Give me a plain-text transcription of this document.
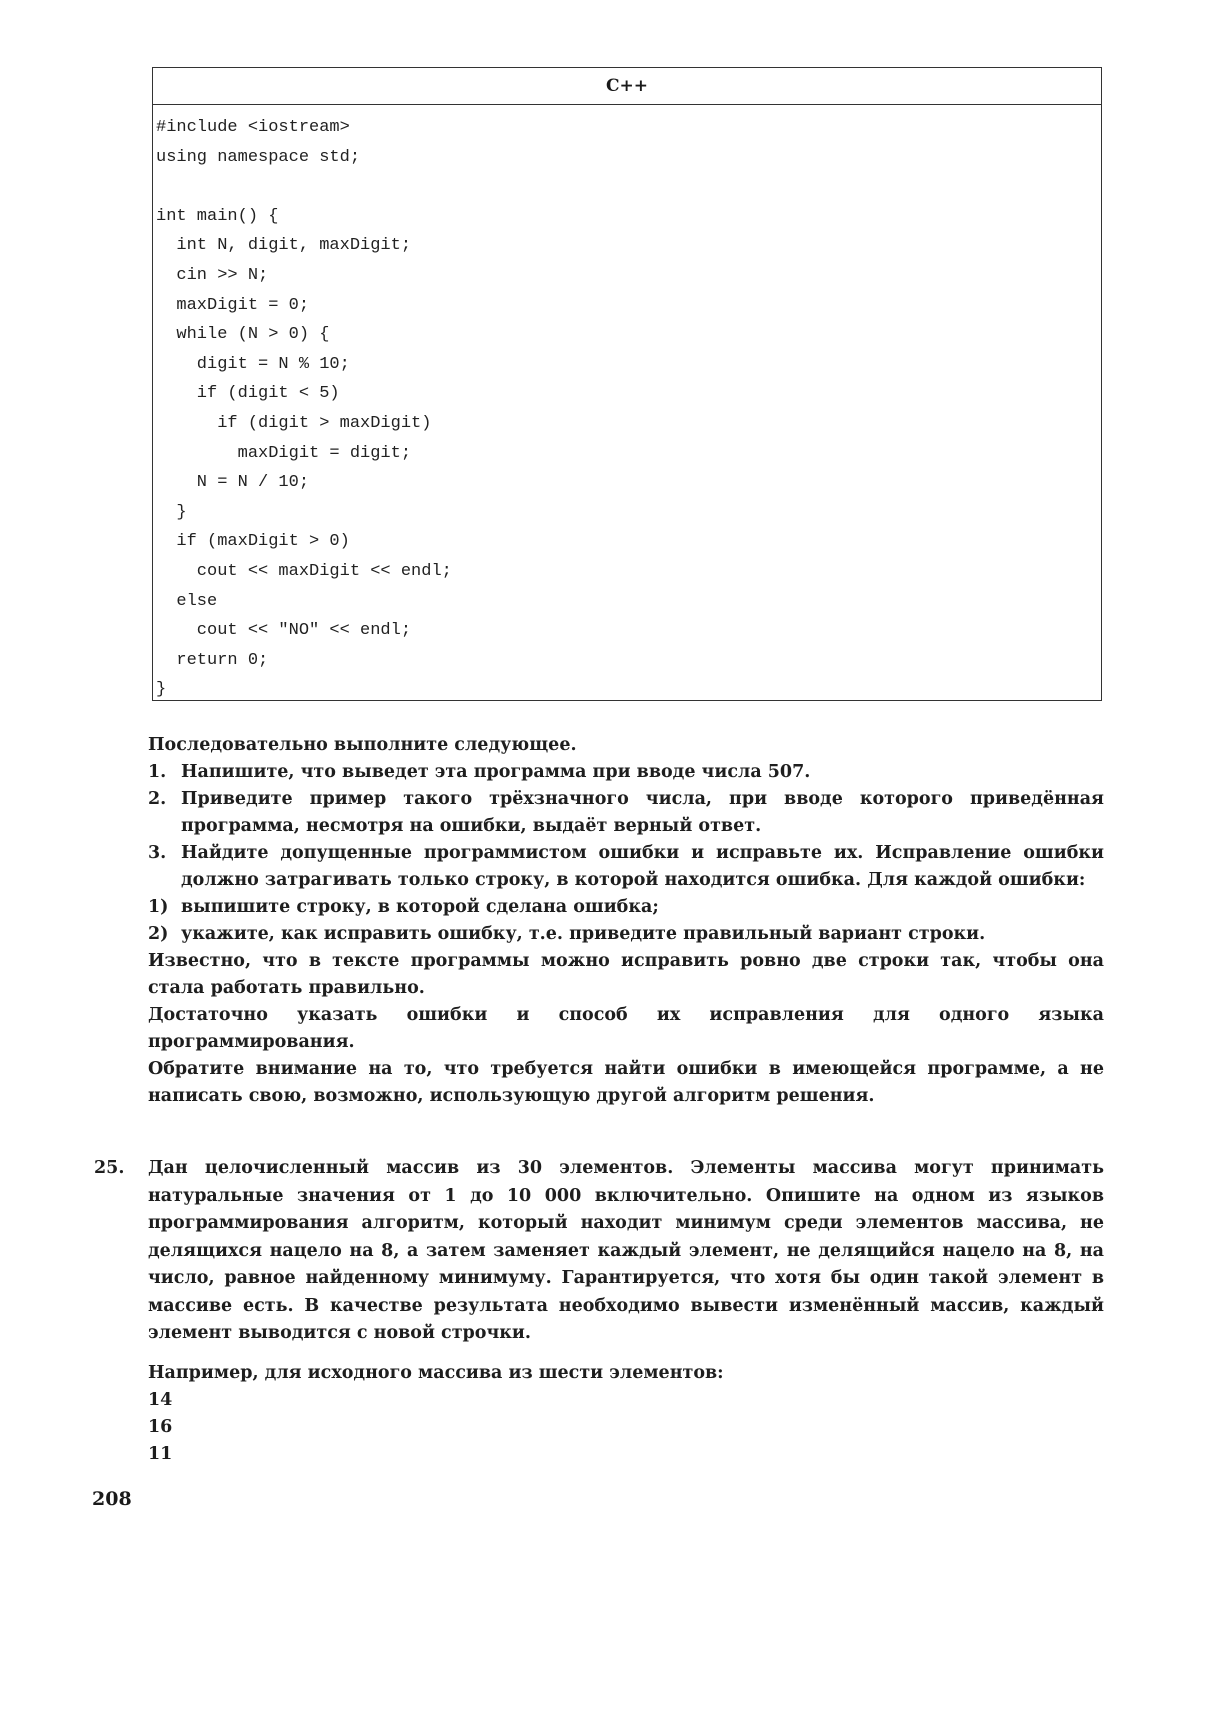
C++
#include <iostream>
using namespace std;

int main() {
int N, digit, maxDigit;
cin >> N;
maxDigit = 0;
while (N > 0) {
digit = N % 10;
if (digit < 5)
if (digit > maxDigit)
maxDigit = digit;
N = N / 10;
}
if (maxDigit > 0)
cout << maxDigit << endl;
else
cout << "NO" << endl;
return 0;
}

Последовательно выполните следующее.

1. Напишите, что выведет эта программа при вводе числа 507.
2. Приведите пример такого трёхзначного числа, при вводе которого приведённая программа, несмотря на ошибки, выдаёт верный ответ.
3. Найдите допущенные программистом ошибки и исправьте их. Исправление ошибки должно затрагивать только строку, в которой находится ошибка. Для каждой ошибки:
1) выпишите строку, в которой сделана ошибка;
2) укажите, как исправить ошибку, т.е. приведите правильный вариант строки.

Известно, что в тексте программы можно исправить ровно две строки так, чтобы она стала работать правильно.

Достаточно указать ошибки и способ их исправления для одного языка программирования.

Обратите внимание на то, что требуется найти ошибки в имеющейся программе, а не написать свою, возможно, использующую другой алгоритм решения.

25.	Дан целочисленный массив из 30 элементов. Элементы массива могут принимать натуральные значения от 1 до 10 000 включительно. Опишите на одном из языков программирования алгоритм, который находит минимум среди элементов массива, не делящихся нацело на 8, а затем заменяет каждый элемент, не делящийся нацело на 8, на число, равное найденному минимуму. Гарантируется, что хотя бы один такой элемент в массиве есть. В качестве результата необходимо вывести изменённый массив, каждый элемент выводится с новой строчки.

Например, для исходного массива из шести элементов:

14
16
11
208
